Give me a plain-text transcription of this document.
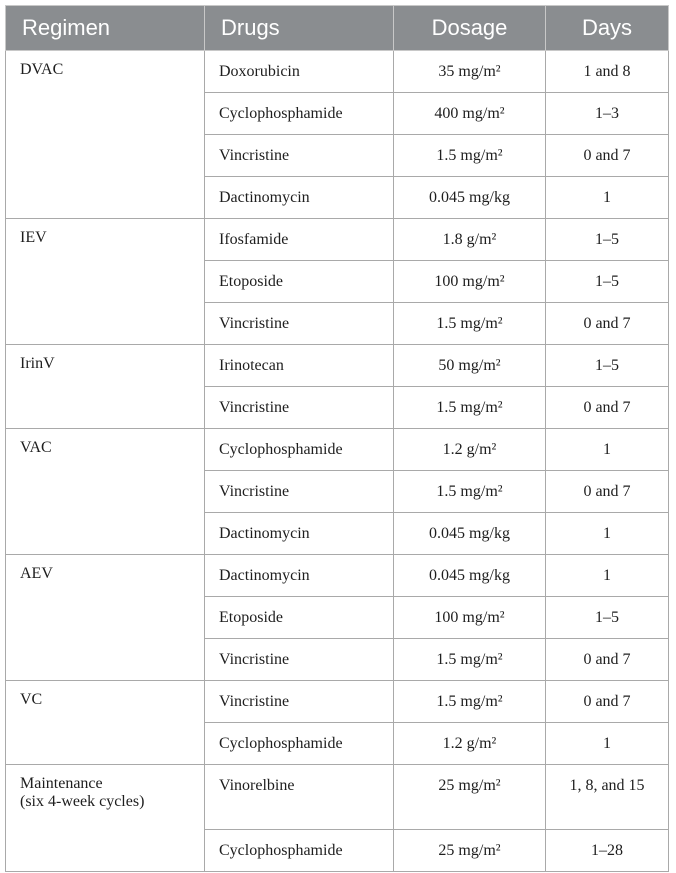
Regimen	Drugs	Dosage	Days
DVAC	Doxorubicin	35 mg/m²	1 and 8
	Cyclophosphamide	400 mg/m²	1–3
	Vincristine	1.5 mg/m²	0 and 7
	Dactinomycin	0.045 mg/kg	1
IEV	Ifosfamide	1.8 g/m²	1–5
	Etoposide	100 mg/m²	1–5
	Vincristine	1.5 mg/m²	0 and 7
IrinV	Irinotecan	50 mg/m²	1–5
	Vincristine	1.5 mg/m²	0 and 7
VAC	Cyclophosphamide	1.2 g/m²	1
	Vincristine	1.5 mg/m²	0 and 7
	Dactinomycin	0.045 mg/kg	1
AEV	Dactinomycin	0.045 mg/kg	1
	Etoposide	100 mg/m²	1–5
	Vincristine	1.5 mg/m²	0 and 7
VC	Vincristine	1.5 mg/m²	0 and 7
	Cyclophosphamide	1.2 g/m²	1

Maintenance
(six 4-week cycles)	Vinorelbine	25 mg/m²	1, 8, and 15
	Cyclophosphamide	25 mg/m²	1–28
